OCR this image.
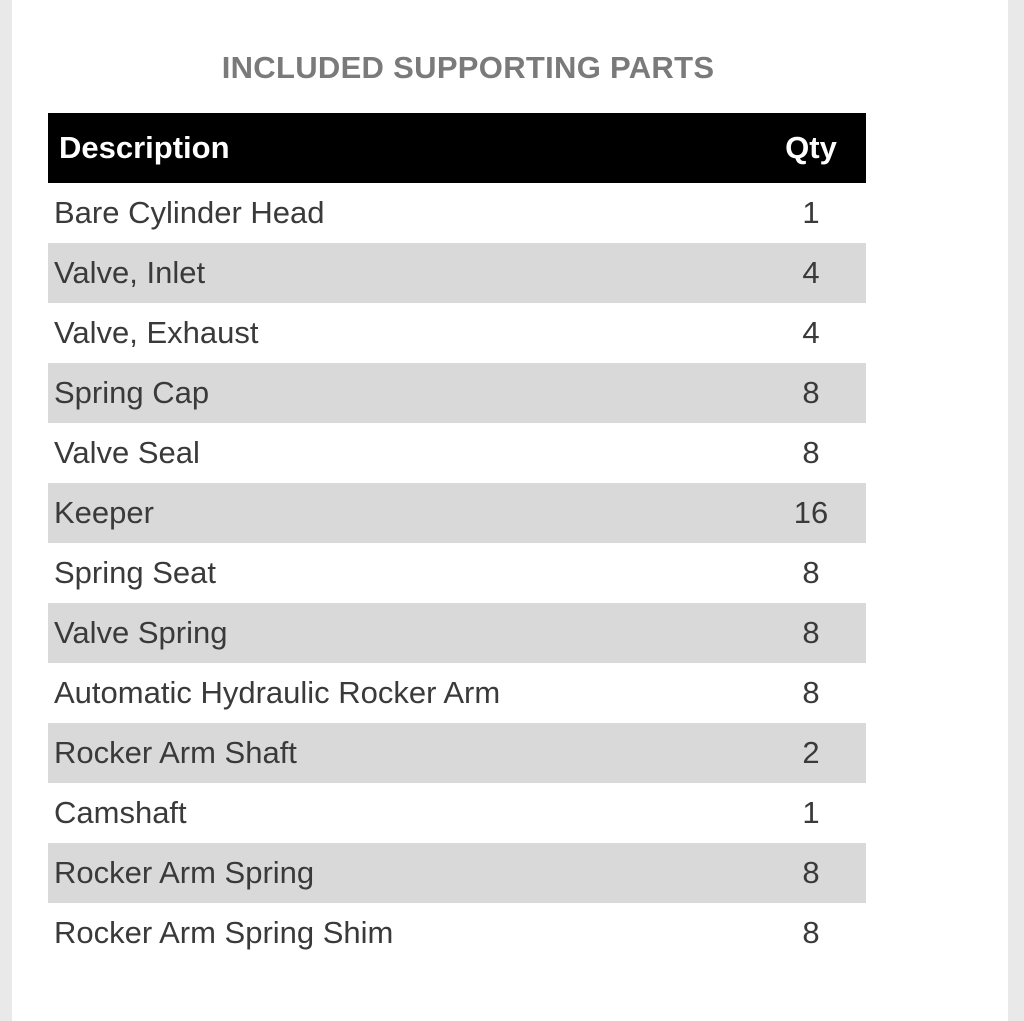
INCLUDED SUPPORTING PARTS
Description	Qty
Bare Cylinder Head	1
Valve, Inlet	4
Valve, Exhaust	4
Spring Cap	8
Valve Seal	8
Keeper	16
Spring Seat	8
Valve Spring	8
Automatic Hydraulic Rocker Arm	8
Rocker Arm Shaft	2
Camshaft	1
Rocker Arm Spring	8
Rocker Arm Spring Shim	8
